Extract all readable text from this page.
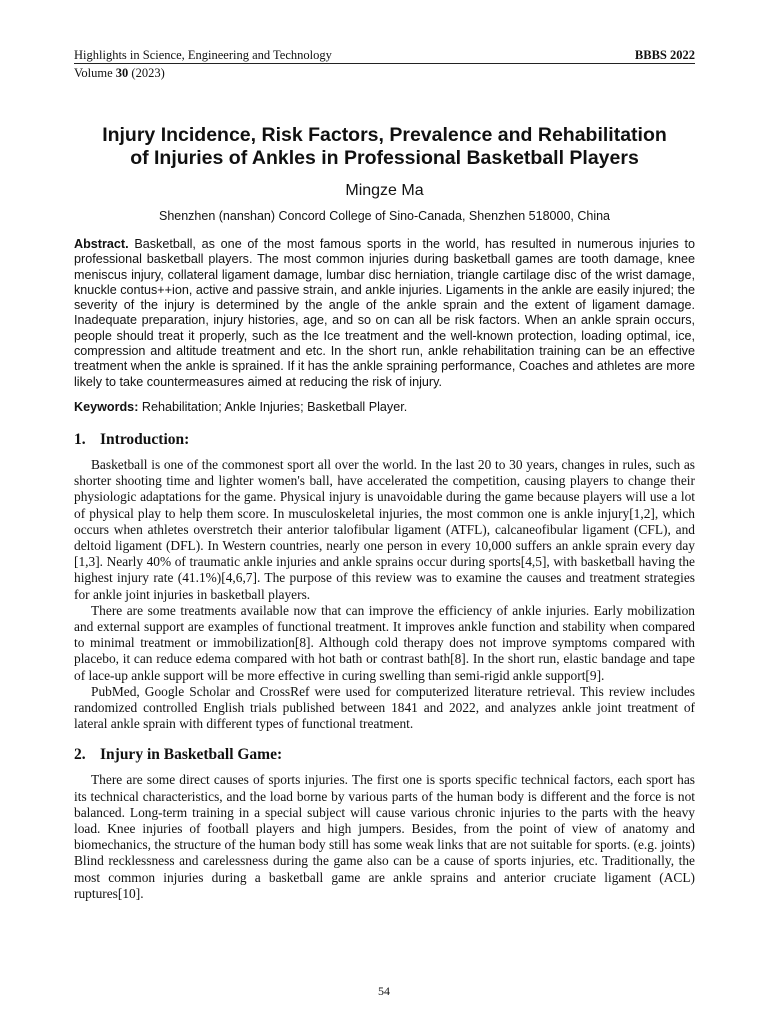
Highlights in Science, Engineering and Technology	BBBS 2022
Volume 30 (2023)
Injury Incidence, Risk Factors, Prevalence and Rehabilitation
of Injuries of Ankles in Professional Basketball Players
Mingze Ma
Shenzhen (nanshan) Concord College of Sino-Canada, Shenzhen 518000, China
Abstract. Basketball, as one of the most famous sports in the world, has resulted in numerous injuries to professional basketball players. The most common injuries during basketball games are tooth damage, knee meniscus injury, collateral ligament damage, lumbar disc herniation, triangle cartilage disc of the wrist damage, knuckle contus++ion, active and passive strain, and ankle injuries. Ligaments in the ankle are easily injured; the severity of the injury is determined by the angle of the ankle sprain and the extent of ligament damage. Inadequate preparation, injury histories, age, and so on can all be risk factors. When an ankle sprain occurs, people should treat it properly, such as the Ice treatment and the well-known protection, loading optimal, ice, compression and altitude treatment and etc. In the short run, ankle rehabilitation training can be an effective treatment when the ankle is sprained. If it has the ankle spraining performance, Coaches and athletes are more likely to take countermeasures aimed at reducing the risk of injury.
Keywords: Rehabilitation; Ankle Injuries; Basketball Player.
1. Introduction:

Basketball is one of the commonest sport all over the world. In the last 20 to 30 years, changes in rules, such as shorter shooting time and lighter women's ball, have accelerated the competition, causing players to change their physiologic adaptations for the game. Physical injury is unavoidable during the game because players will use a lot of physical play to help them score. In musculoskeletal injuries, the most common one is ankle injury[1,2], which occurs when athletes overstretch their anterior talofibular ligament (ATFL), calcaneofibular ligament (CFL), and deltoid ligament (DFL). In Western countries, nearly one person in every 10,000 suffers an ankle sprain every day [1,3]. Nearly 40% of traumatic ankle injuries and ankle sprains occur during sports[4,5], with basketball having the highest injury rate (41.1%)[4,6,7]. The purpose of this review was to examine the causes and treatment strategies for ankle joint injuries in basketball players.

There are some treatments available now that can improve the efficiency of ankle injuries. Early mobilization and external support are examples of functional treatment. It improves ankle function and stability when compared to minimal treatment or immobilization[8]. Although cold therapy does not improve symptoms compared with placebo, it can reduce edema compared with hot bath or contrast bath[8]. In the short run, elastic bandage and tape of lace-up ankle support will be more effective in curing swelling than semi-rigid ankle support[9].

PubMed, Google Scholar and CrossRef were used for computerized literature retrieval. This review includes randomized controlled English trials published between 1841 and 2022, and analyzes ankle joint treatment of lateral ankle sprain with different types of functional treatment.

2. Injury in Basketball Game:

There are some direct causes of sports injuries. The first one is sports specific technical factors, each sport has its technical characteristics, and the load borne by various parts of the human body is different and the force is not balanced. Long-term training in a special subject will cause various chronic injuries to the parts with the heavy load. Knee injuries of football players and high jumpers. Besides, from the point of view of anatomy and biomechanics, the structure of the human body still has some weak links that are not suitable for sports. (e.g. joints) Blind recklessness and carelessness during the game also can be a cause of sports injuries, etc. Traditionally, the most common injuries during a basketball game are ankle sprains and anterior cruciate ligament (ACL) ruptures[10].

54
